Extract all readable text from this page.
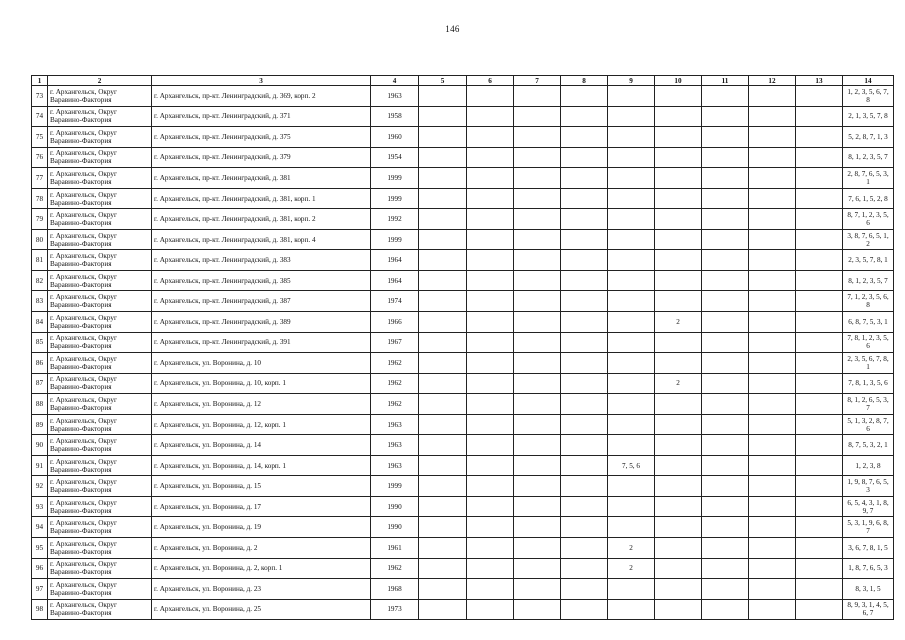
146
1	2	3	4	5	6	7	8	9	10	11	12	13	14
73	г. Архангельск, Округ Варавино-Фактория	г. Архангельск, пр-кт. Ленинградский, д. 369, корп. 2	1963										1, 2, 3, 5, 6, 7, 8
74	г. Архангельск, Округ Варавино-Фактория	г. Архангельск, пр-кт. Ленинградский, д. 371	1958										2, 1, 3, 5, 7, 8
75	г. Архангельск, Округ Варавино-Фактория	г. Архангельск, пр-кт. Ленинградский, д. 375	1960										5, 2, 8, 7, 1, 3
76	г. Архангельск, Округ Варавино-Фактория	г. Архангельск, пр-кт. Ленинградский, д. 379	1954										8, 1, 2, 3, 5, 7
77	г. Архангельск, Округ Варавино-Фактория	г. Архангельск, пр-кт. Ленинградский, д. 381	1999										2, 8, 7, 6, 5, 3, 1
78	г. Архангельск, Округ Варавино-Фактория	г. Архангельск, пр-кт. Ленинградский, д. 381, корп. 1	1999										7, 6, 1, 5, 2, 8
79	г. Архангельск, Округ Варавино-Фактория	г. Архангельск, пр-кт. Ленинградский, д. 381, корп. 2	1992										8, 7, 1, 2, 3, 5, 6
80	г. Архангельск, Округ Варавино-Фактория	г. Архангельск, пр-кт. Ленинградский, д. 381, корп. 4	1999										3, 8, 7, 6, 5, 1, 2
81	г. Архангельск, Округ Варавино-Фактория	г. Архангельск, пр-кт. Ленинградский, д. 383	1964										2, 3, 5, 7, 8, 1
82	г. Архангельск, Округ Варавино-Фактория	г. Архангельск, пр-кт. Ленинградский, д. 385	1964										8, 1, 2, 3, 5, 7
83	г. Архангельск, Округ Варавино-Фактория	г. Архангельск, пр-кт. Ленинградский, д. 387	1974										7, 1, 2, 3, 5, 6, 8
84	г. Архангельск, Округ Варавино-Фактория	г. Архангельск, пр-кт. Ленинградский, д. 389	1966						2				6, 8, 7, 5, 3, 1
85	г. Архангельск, Округ Варавино-Фактория	г. Архангельск, пр-кт. Ленинградский, д. 391	1967										7, 8, 1, 2, 3, 5, 6
86	г. Архангельск, Округ Варавино-Фактория	г. Архангельск, ул. Воронина, д. 10	1962										2, 3, 5, 6, 7, 8, 1
87	г. Архангельск, Округ Варавино-Фактория	г. Архангельск, ул. Воронина, д. 10, корп. 1	1962						2				7, 8, 1, 3, 5, 6
88	г. Архангельск, Округ Варавино-Фактория	г. Архангельск, ул. Воронина, д. 12	1962										8, 1, 2, 6, 5, 3, 7
89	г. Архангельск, Округ Варавино-Фактория	г. Архангельск, ул. Воронина, д. 12, корп. 1	1963										5, 1, 3, 2, 8, 7, 6
90	г. Архангельск, Округ Варавино-Фактория	г. Архангельск, ул. Воронина, д. 14	1963										8, 7, 5, 3, 2, 1
91	г. Архангельск, Округ Варавино-Фактория	г. Архангельск, ул. Воронина, д. 14, корп. 1	1963					7, 5, 6					1, 2, 3, 8
92	г. Архангельск, Округ Варавино-Фактория	г. Архангельск, ул. Воронина, д. 15	1999										1, 9, 8, 7, 6, 5, 3
93	г. Архангельск, Округ Варавино-Фактория	г. Архангельск, ул. Воронина, д. 17	1990										6, 5, 4, 3, 1, 8, 9, 7
94	г. Архангельск, Округ Варавино-Фактория	г. Архангельск, ул. Воронина, д. 19	1990										5, 3, 1, 9, 6, 8, 7
95	г. Архангельск, Округ Варавино-Фактория	г. Архангельск, ул. Воронина, д. 2	1961					2					3, 6, 7, 8, 1, 5
96	г. Архангельск, Округ Варавино-Фактория	г. Архангельск, ул. Воронина, д. 2, корп. 1	1962					2					1, 8, 7, 6, 5, 3
97	г. Архангельск, Округ Варавино-Фактория	г. Архангельск, ул. Воронина, д. 23	1968										8, 3, 1, 5
98	г. Архангельск, Округ Варавино-Фактория	г. Архангельск, ул. Воронина, д. 25	1973										8, 9, 3, 1, 4, 5, 6, 7
